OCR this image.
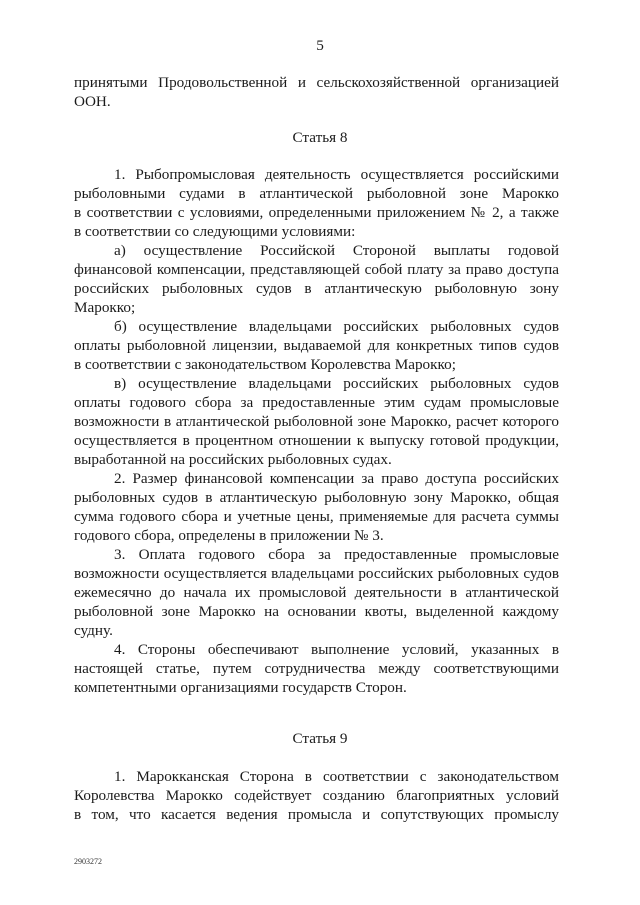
5
принятыми Продовольственной и сельскохозяйственной организацией
ООН.
Статья 8
1. Рыбопромысловая деятельность осуществляется российскими
рыболовными судами в атлантической рыболовной зоне Марокко
в соответствии с условиями, определенными приложением № 2, а также
в соответствии со следующими условиями:
а) осуществление Российской Стороной выплаты годовой
финансовой компенсации, представляющей собой плату за право доступа
российских рыболовных судов в атлантическую рыболовную зону
Марокко;
б) осуществление владельцами российских рыболовных судов
оплаты рыболовной лицензии, выдаваемой для конкретных типов судов
в соответствии с законодательством Королевства Марокко;
в) осуществление владельцами российских рыболовных судов
оплаты годового сбора за предоставленные этим судам промысловые
возможности в атлантической рыболовной зоне Марокко, расчет которого
осуществляется в процентном отношении к выпуску готовой продукции,
выработанной на российских рыболовных судах.
2. Размер финансовой компенсации за право доступа российских
рыболовных судов в атлантическую рыболовную зону Марокко, общая
сумма годового сбора и учетные цены, применяемые для расчета суммы
годового сбора, определены в приложении № 3.
3. Оплата годового сбора за предоставленные промысловые
возможности осуществляется владельцами российских рыболовных судов
ежемесячно до начала их промысловой деятельности в атлантической
рыболовной зоне Марокко на основании квоты, выделенной каждому
судну.
4. Стороны обеспечивают выполнение условий, указанных в
настоящей статье, путем сотрудничества между соответствующими
компетентными организациями государств Сторон.
Статья 9
1. Марокканская Сторона в соответствии с законодательством
Королевства Марокко содействует созданию благоприятных условий
в том, что касается ведения промысла и сопутствующих промыслу
2903272
